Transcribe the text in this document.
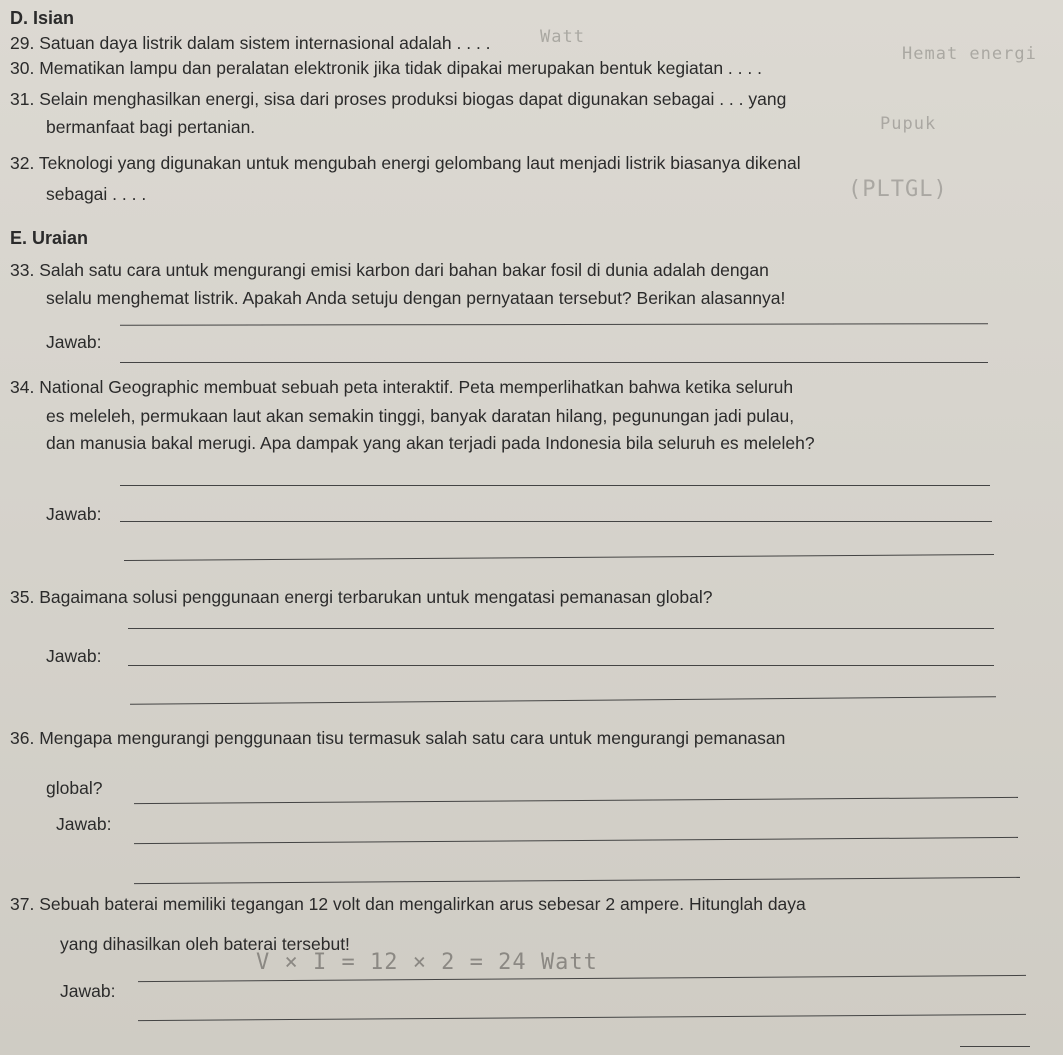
D. Isian
29. Satuan daya listrik dalam sistem internasional adalah . . . .	Watt
30. Mematikan lampu dan peralatan elektronik jika tidak dipakai merupakan bentuk kegiatan . . . .
Hemat energi
31. Selain menghasilkan energi, sisa dari proses produksi biogas dapat digunakan sebagai . . . yang
Pupuk
bermanfaat bagi pertanian.
32. Teknologi yang digunakan untuk mengubah energi gelombang laut menjadi listrik biasanya dikenal
(PLTGL)
sebagai . . . .
E. Uraian
33. Salah satu cara untuk mengurangi emisi karbon dari bahan bakar fosil di dunia adalah dengan
selalu menghemat listrik. Apakah Anda setuju dengan pernyataan tersebut? Berikan alasannya!
Jawab:
34. National Geographic membuat sebuah peta interaktif. Peta memperlihatkan bahwa ketika seluruh
es meleleh, permukaan laut akan semakin tinggi, banyak daratan hilang, pegunungan jadi pulau,
dan manusia bakal merugi. Apa dampak yang akan terjadi pada Indonesia bila seluruh es meleleh?
Jawab:
35. Bagaimana solusi penggunaan energi terbarukan untuk mengatasi pemanasan global?
Jawab:
36. Mengapa mengurangi penggunaan tisu termasuk salah satu cara untuk mengurangi pemanasan
global?
Jawab:
37. Sebuah baterai memiliki tegangan 12 volt dan mengalirkan arus sebesar 2 ampere. Hitunglah daya
yang dihasilkan oleh baterai tersebut!
V × I = 12 × 2 = 24 Watt
Jawab:
